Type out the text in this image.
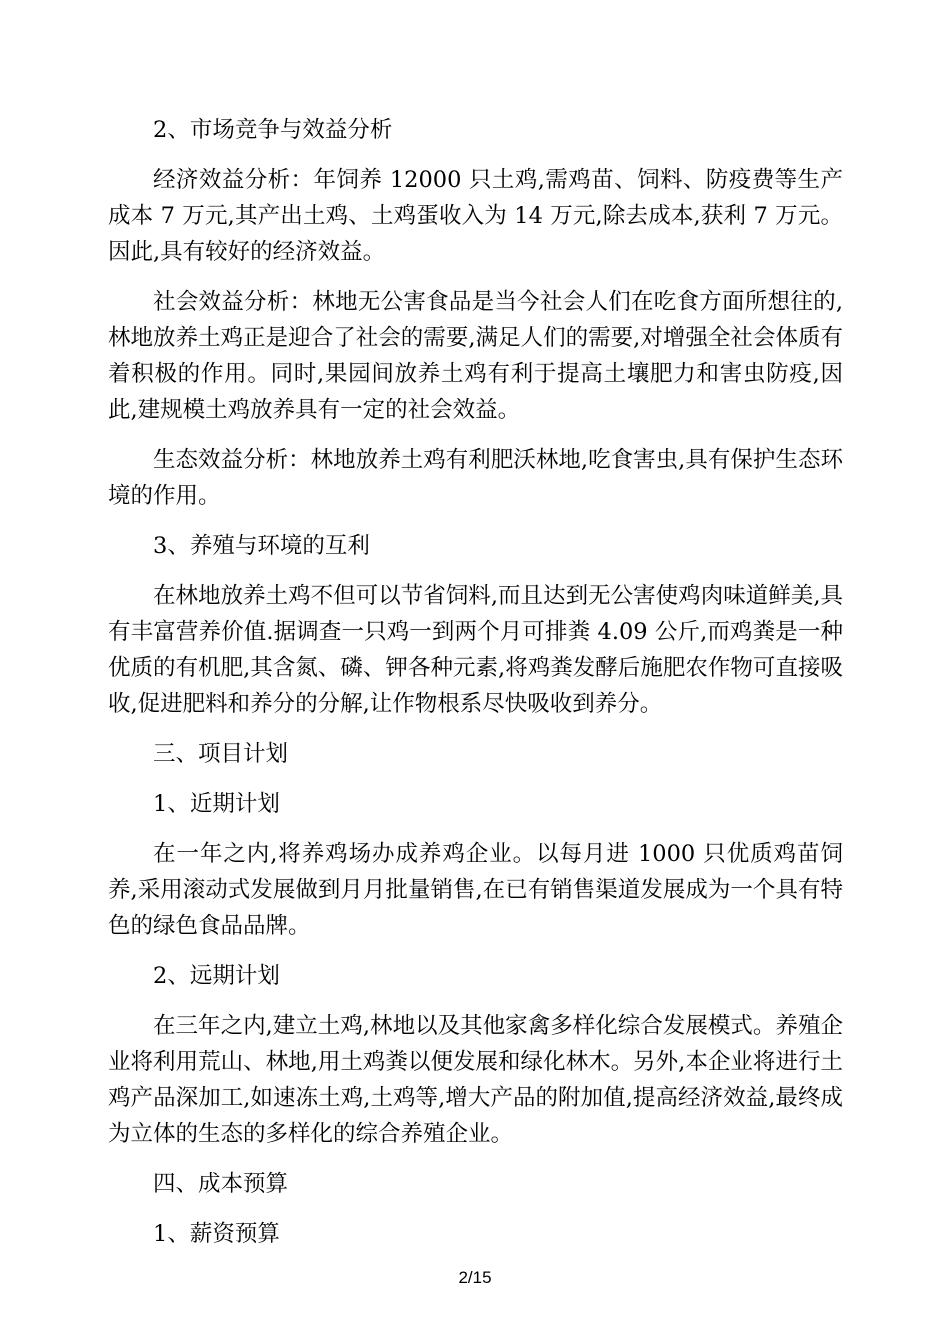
2、市场竞争与效益分析

经济效益分析：年饲养 12000 只土鸡,需鸡苗、饲料、防疫费等生产成本 7 万元,其产出土鸡、土鸡蛋收入为 14 万元,除去成本,获利 7 万元。因此,具有较好的经济效益。

社会效益分析：林地无公害食品是当今社会人们在吃食方面所想往的,林地放养土鸡正是迎合了社会的需要,满足人们的需要,对增强全社会体质有着积极的作用。同时,果园间放养土鸡有利于提高土壤肥力和害虫防疫,因此,建规模土鸡放养具有一定的社会效益。

生态效益分析：林地放养土鸡有利肥沃林地,吃食害虫,具有保护生态环境的作用。

3、养殖与环境的互利

在林地放养土鸡不但可以节省饲料,而且达到无公害使鸡肉味道鲜美,具有丰富营养价值.据调查一只鸡一到两个月可排粪 4.09 公斤,而鸡粪是一种优质的有机肥,其含氮、磷、钾各种元素,将鸡粪发酵后施肥农作物可直接吸收,促进肥料和养分的分解,让作物根系尽快吸收到养分。

三、项目计划
1、近期计划

在一年之内,将养鸡场办成养鸡企业。以每月进 1000 只优质鸡苗饲养,采用滚动式发展做到月月批量销售,在已有销售渠道发展成为一个具有特色的绿色食品品牌。

2、远期计划

在三年之内,建立土鸡,林地以及其他家禽多样化综合发展模式。养殖企业将利用荒山、林地,用土鸡粪以便发展和绿化林木。另外,本企业将进行土鸡产品深加工,如速冻土鸡,土鸡等,增大产品的附加值,提高经济效益,最终成为立体的生态的多样化的综合养殖企业。

四、成本预算
1、薪资预算
2/15
